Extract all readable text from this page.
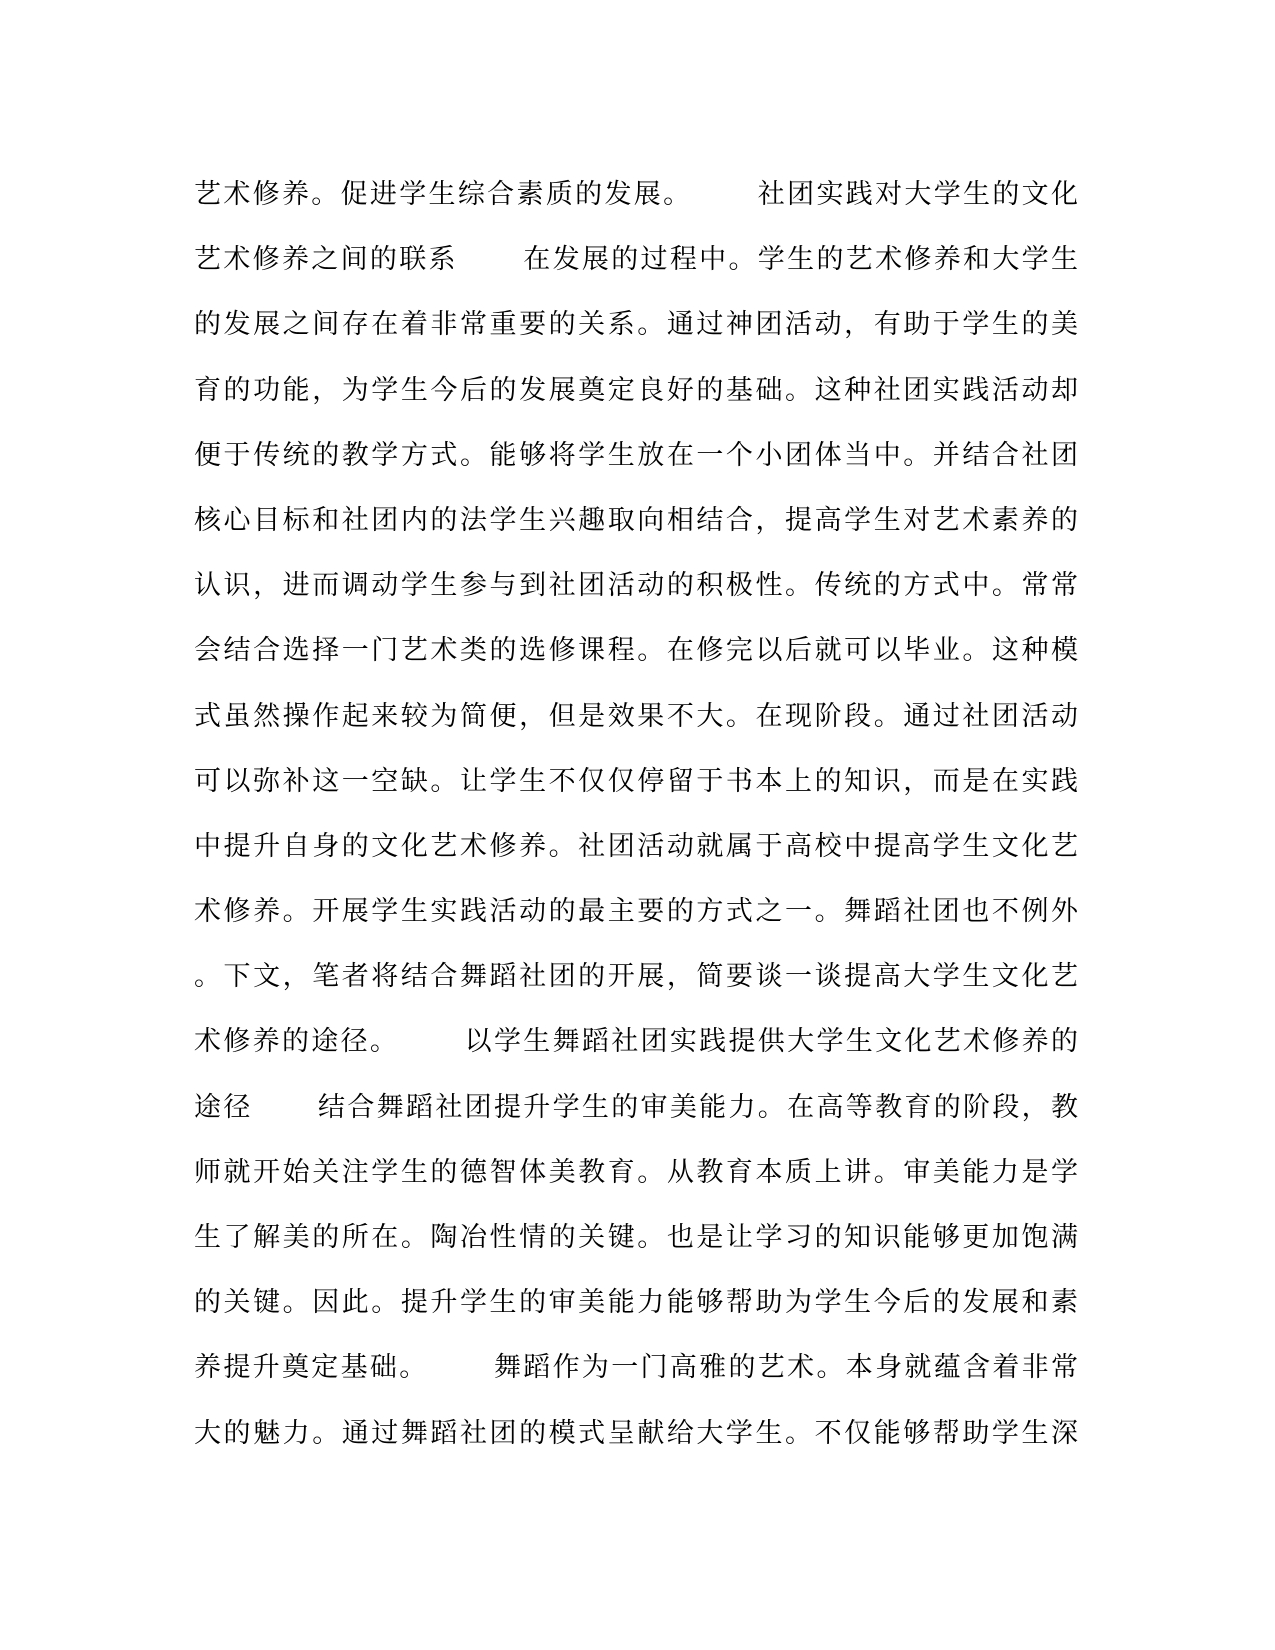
艺术修养。促进学生综合素质的发展。      社团实践对大学生的文化
艺术修养之间的联系      在发展的过程中。学生的艺术修养和大学生
的发展之间存在着非常重要的关系。通过神团活动，有助于学生的美
育的功能，为学生今后的发展奠定良好的基础。这种社团实践活动却
便于传统的教学方式。能够将学生放在一个小团体当中。并结合社团
核心目标和社团内的法学生兴趣取向相结合，提高学生对艺术素养的
认识，进而调动学生参与到社团活动的积极性。传统的方式中。常常
会结合选择一门艺术类的选修课程。在修完以后就可以毕业。这种模
式虽然操作起来较为简便，但是效果不大。在现阶段。通过社团活动
可以弥补这一空缺。让学生不仅仅停留于书本上的知识，而是在实践
中提升自身的文化艺术修养。社团活动就属于高校中提高学生文化艺
术修养。开展学生实践活动的最主要的方式之一。舞蹈社团也不例外
。下文，笔者将结合舞蹈社团的开展，简要谈一谈提高大学生文化艺
术修养的途径。      以学生舞蹈社团实践提供大学生文化艺术修养的
途径      结合舞蹈社团提升学生的审美能力。在高等教育的阶段，教
师就开始关注学生的德智体美教育。从教育本质上讲。审美能力是学
生了解美的所在。陶冶性情的关键。也是让学习的知识能够更加饱满
的关键。因此。提升学生的审美能力能够帮助为学生今后的发展和素
养提升奠定基础。      舞蹈作为一门高雅的艺术。本身就蕴含着非常
大的魅力。通过舞蹈社团的模式呈献给大学生。不仅能够帮助学生深
